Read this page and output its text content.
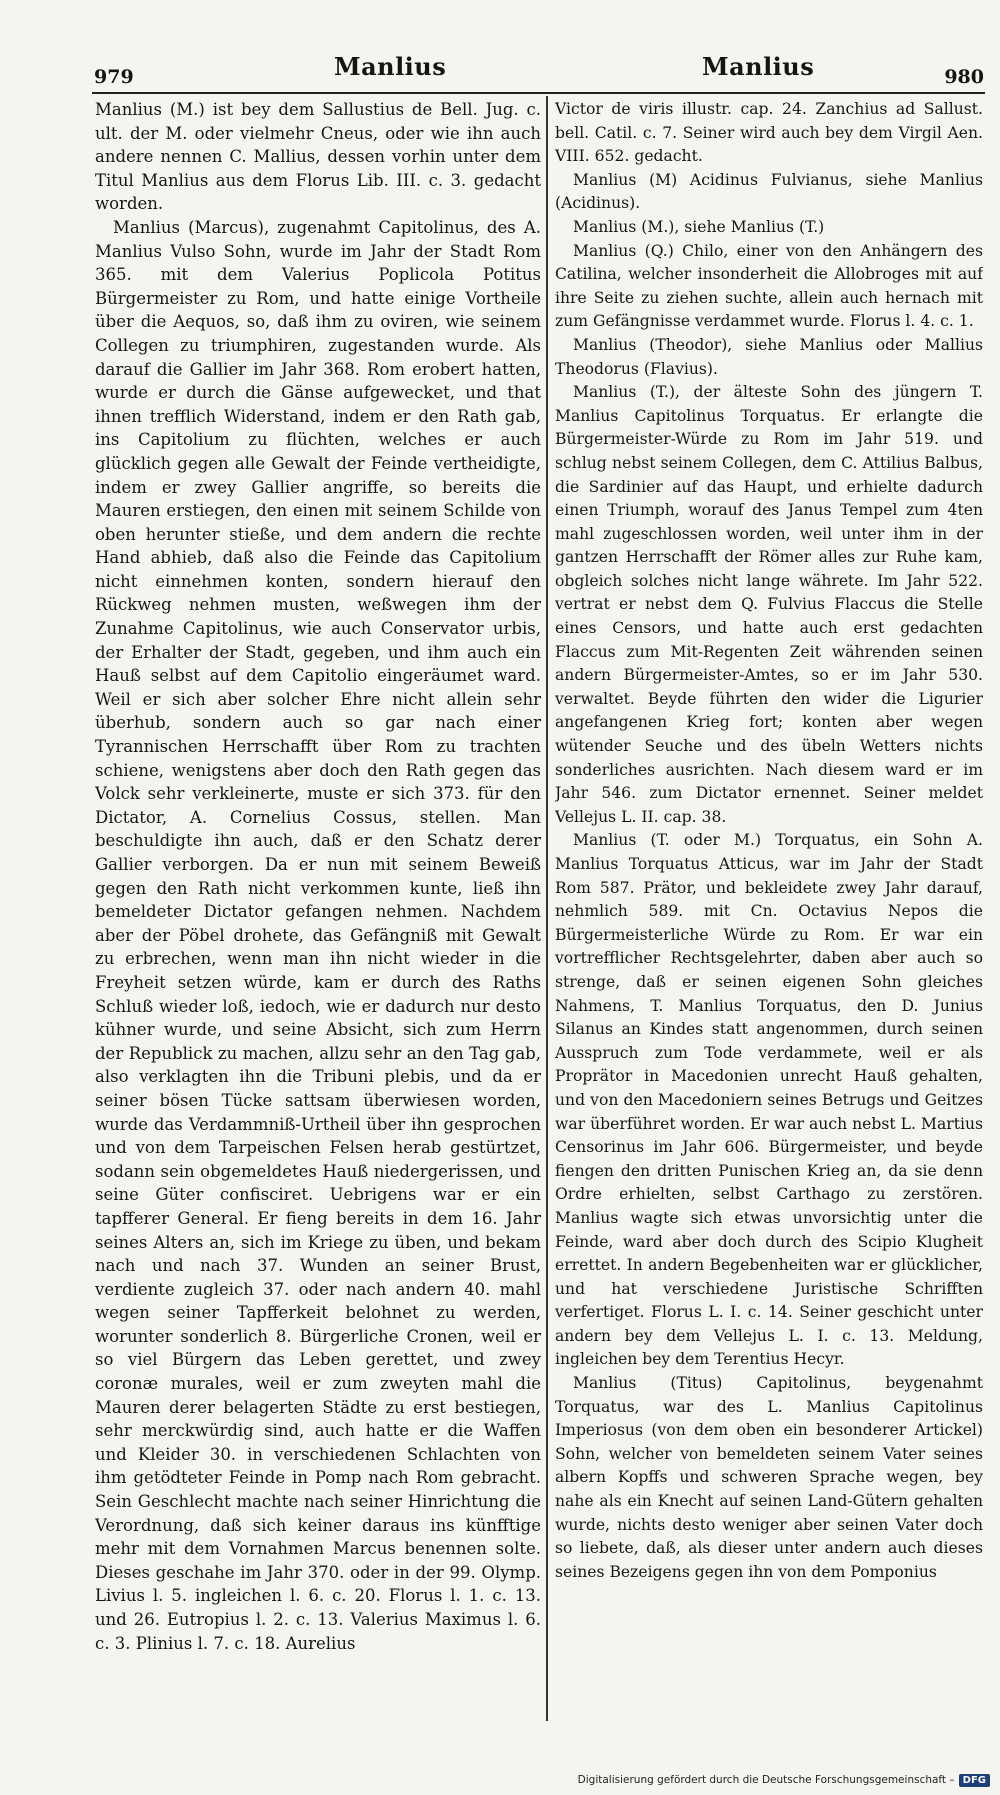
979	Manlius	Manlius	980

Manlius (M.) ist bey dem Sallustius de Bell. Jug. c. ult. der M. oder vielmehr Cneus, oder wie ihn auch andere nennen C. Mallius, dessen vorhin unter dem Titul Manlius aus dem Florus Lib. III. c. 3. gedacht worden.

Manlius (Marcus), zugenahmt Capitolinus, des A. Manlius Vulso Sohn, wurde im Jahr der Stadt Rom 365. mit dem Valerius Poplicola Potitus Bürgermeister zu Rom, und hatte einige Vortheile über die Aequos, so, daß ihm zu oviren, wie seinem Collegen zu triumphiren, zugestanden wurde. Als darauf die Gallier im Jahr 368. Rom erobert hatten, wurde er durch die Gänse aufgewecket, und that ihnen trefflich Widerstand, indem er den Rath gab, ins Capitolium zu flüchten, welches er auch glücklich gegen alle Gewalt der Feinde vertheidigte, indem er zwey Gallier angriffe, so bereits die Mauren erstiegen, den einen mit seinem Schilde von oben herunter stieße, und dem andern die rechte Hand abhieb, daß also die Feinde das Capitolium nicht einnehmen konten, sondern hierauf den Rückweg nehmen musten, weßwegen ihm der Zunahme Capitolinus, wie auch Conservator urbis, der Erhalter der Stadt, gegeben, und ihm auch ein Hauß selbst auf dem Capitolio eingeräumet ward. Weil er sich aber solcher Ehre nicht allein sehr überhub, sondern auch so gar nach einer Tyrannischen Herrschafft über Rom zu trachten schiene, wenigstens aber doch den Rath gegen das Volck sehr verkleinerte, muste er sich 373. für den Dictator, A. Cornelius Cossus, stellen. Man beschuldigte ihn auch, daß er den Schatz derer Gallier verborgen. Da er nun mit seinem Beweiß gegen den Rath nicht verkommen kunte, ließ ihn bemeldeter Dictator gefangen nehmen. Nachdem aber der Pöbel drohete, das Gefängniß mit Gewalt zu erbrechen, wenn man ihn nicht wieder in die Freyheit setzen würde, kam er durch des Raths Schluß wieder loß, iedoch, wie er dadurch nur desto kühner wurde, und seine Absicht, sich zum Herrn der Republick zu machen, allzu sehr an den Tag gab, also verklagten ihn die Tribuni plebis, und da er seiner bösen Tücke sattsam überwiesen worden, wurde das Verdammniß-Urtheil über ihn gesprochen und von dem Tarpeischen Felsen herab gestürtzet, sodann sein obgemeldetes Hauß niedergerissen, und seine Güter confisciret. Uebrigens war er ein tapfferer General. Er fieng bereits in dem 16. Jahr seines Alters an, sich im Kriege zu üben, und bekam nach und nach 37. Wunden an seiner Brust, verdiente zugleich 37. oder nach andern 40. mahl wegen seiner Tapfferkeit belohnet zu werden, worunter sonderlich 8. Bürgerliche Cronen, weil er so viel Bürgern das Leben gerettet, und zwey coronæ murales, weil er zum zweyten mahl die Mauren derer belagerten Städte zu erst bestiegen, sehr merckwürdig sind, auch hatte er die Waffen und Kleider 30. in verschiedenen Schlachten von ihm getödteter Feinde in Pomp nach Rom gebracht. Sein Geschlecht machte nach seiner Hinrichtung die Verordnung, daß sich keiner daraus ins künfftige mehr mit dem Vornahmen Marcus benennen solte. Dieses geschahe im Jahr 370. oder in der 99. Olymp. Livius l. 5. ingleichen l. 6. c. 20. Florus l. 1. c. 13. und 26. Eutropius l. 2. c. 13. Valerius Maximus l. 6. c. 3. Plinius l. 7. c. 18. Aurelius

Victor de viris illustr. cap. 24. Zanchius ad Sallust. bell. Catil. c. 7. Seiner wird auch bey dem Virgil Aen. VIII. 652. gedacht.

Manlius (M) Acidinus Fulvianus, siehe Manlius (Acidinus).

Manlius (M.), siehe Manlius (T.)

Manlius (Q.) Chilo, einer von den Anhängern des Catilina, welcher insonderheit die Allobroges mit auf ihre Seite zu ziehen suchte, allein auch hernach mit zum Gefängnisse verdammet wurde. Florus l. 4. c. 1.

Manlius (Theodor), siehe Manlius oder Mallius Theodorus (Flavius).

Manlius (T.), der älteste Sohn des jüngern T. Manlius Capitolinus Torquatus. Er erlangte die Bürgermeister-Würde zu Rom im Jahr 519. und schlug nebst seinem Collegen, dem C. Attilius Balbus, die Sardinier auf das Haupt, und erhielte dadurch einen Triumph, worauf des Janus Tempel zum 4ten mahl zugeschlossen worden, weil unter ihm in der gantzen Herrschafft der Römer alles zur Ruhe kam, obgleich solches nicht lange währete. Im Jahr 522. vertrat er nebst dem Q. Fulvius Flaccus die Stelle eines Censors, und hatte auch erst gedachten Flaccus zum Mit-Regenten Zeit währenden seinen andern Bürgermeister-Amtes, so er im Jahr 530. verwaltet. Beyde führten den wider die Ligurier angefangenen Krieg fort; konten aber wegen wütender Seuche und des übeln Wetters nichts sonderliches ausrichten. Nach diesem ward er im Jahr 546. zum Dictator ernennet. Seiner meldet Vellejus L. II. cap. 38.

Manlius (T. oder M.) Torquatus, ein Sohn A. Manlius Torquatus Atticus, war im Jahr der Stadt Rom 587. Prätor, und bekleidete zwey Jahr darauf, nehmlich 589. mit Cn. Octavius Nepos die Bürgermeisterliche Würde zu Rom. Er war ein vortrefflicher Rechtsgelehrter, daben aber auch so strenge, daß er seinen eigenen Sohn gleiches Nahmens, T. Manlius Torquatus, den D. Junius Silanus an Kindes statt angenommen, durch seinen Ausspruch zum Tode verdammete, weil er als Proprätor in Macedonien unrecht Hauß gehalten, und von den Macedoniern seines Betrugs und Geitzes war überführet worden. Er war auch nebst L. Martius Censorinus im Jahr 606. Bürgermeister, und beyde fiengen den dritten Punischen Krieg an, da sie denn Ordre erhielten, selbst Carthago zu zerstören. Manlius wagte sich etwas unvorsichtig unter die Feinde, ward aber doch durch des Scipio Klugheit errettet. In andern Begebenheiten war er glücklicher, und hat verschiedene Juristische Schrifften verfertiget. Florus L. I. c. 14. Seiner geschicht unter andern bey dem Vellejus L. I. c. 13. Meldung, ingleichen bey dem Terentius Hecyr.

Manlius (Titus) Capitolinus, beygenahmt Torquatus, war des L. Manlius Capitolinus Imperiosus (von dem oben ein besonderer Artickel) Sohn, welcher von bemeldeten seinem Vater seines albern Kopffs und schweren Sprache wegen, bey nahe als ein Knecht auf seinen Land-Gütern gehalten wurde, nichts desto weniger aber seinen Vater doch so liebete, daß, als dieser unter andern auch dieses seines Bezeigens gegen ihn von dem Pomponius

Digitalisierung gefördert durch die Deutsche Forschungsgemeinschaft – DFG
